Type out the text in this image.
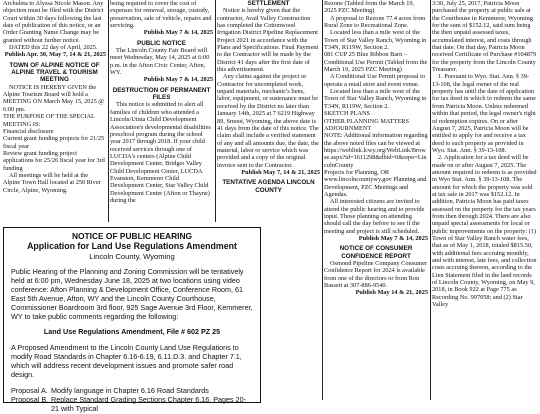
Archuleta to Alyssa Nicole Mason. Any objection must be filed with the District Court within 30 days following the last date of publication of this notice, or an Order Granting Name Change may be granted without further notice.

DATED this 22 day of April, 2025.

Publish Apr. 30, May 7, 14 & 21, 2025

TOWN OF ALPINE NOTICE OF ALPINE TRAVEL & TOURISM MEETING

NOTICE IS HEREBY GIVEN the Alpine Tourism Board will hold a MEETING ON March May 15, 2025 @ 6:00 pm.

THE PURPOSE OF THE SPECIAL MEETING IS:

Financial disclosure

Current grant funding projects for 21/25 fiscal year

Review grant funding project applications for 25/26 fiscal year for 3rd funding

All meetings will be held at the Alpine Town Hall located at 250 River Circle, Alpine, Wyoming.

being required to cover the cost of expenses for removal, storage, custody, preservation, sale of vehicle, repairs and servicing.

Publish May 7 & 14, 2025

PUBLIC NOTICE

The Lincoln County Fair Board will meet Wednesday, May 14, 2025 at 6:00 p.m. in the Afton Civic Center, Afton, WY.

Publish May 7 & 14, 2025

DESTRUCTION OF PERMANENT FILES

This notice is submitted to alert all families of children who attended a Lincoln/Uinta Child Development Association's developmental disabilities preschool program during the school year 2017 through 2018. If your child received services through one of LUCDA's centers (Alpine Child Development Center, Bridger Valley Child Development Center, LUCDA Evanston, Kemmerer Child Development Center, Star Valley Child Development Center (Afton or Thayne) during the

SETTLEMENT

Notice is hereby given that the contractor, Avail Valley Construction has completed the Cottonwood Irrigation District Pipeline Replacement Project 2021 in accordance with the Plans and Specifications. Final Payment to the Contractor will be made by the District 41 days after the first date of this advertisement.

Any claims against the project or Contractor for uncompleted work, unpaid materials, mechanic's liens, labor, equipment, or sustenance must be received by the District no later than January 14th, 2025 at 7 6219 Highway 89, Smoot, Wyoming, the above date is 41 days from the date of this notice. The claim shall include a verified statement of any and all amounts due, the date, the material, labor or service which was provided and a copy of the original invoice sent to the Contractor.

Publish May 7, 14 & 21, 2025

TENTATIVE AGENDA LINCOLN COUNTY

Rezone (Tabled from the March 19, 2025 PZC Meeting)

A proposal to Rezone 77.4 acres from Rural Zone to Recreational Zone.

Located less than a mile west of the Town of Star Valley Ranch, Wyoming in T34N, R119W, Section 2.

081 CUP 25 Blue Ribbon Barn – Conditional Use Permit (Tabled from the March 19, 2025 PZC Meeting)

A Conditional Use Permit proposal to operate a retail store and event venue.

Located less than a mile west of the Town of Star Valley Ranch, Wyoming in T34N, R119W, Section 2.

SKETCH PLANS

OTHER PLANNING MATTERS

ADJOURNMENT

NOTE: Additional information regarding the above noted files can be viewed at

https://weblink.lcwy.org/WebLink/Browse.aspx?id=1611298&dbid=0&repo=LincolnCounty

Projects for Planning, OR www.lincolncountywy.gov Planning and Development, PZC Meetings and Agendas.

All interested citizens are invited to attend the public hearing and to provide input. Those planning on attending should call the day before to see if the meeting and project is still scheduled.

Publish May 7 & 14, 2025

NOTICE OF CONSUMER CONFIDENCE REPORT

Osmond Pipeline Company Consumer Confidence Report for 2024 is available from one of the directors or from Ron Bassett at 307-886-9540.

Publish May 14 & 21, 2025

3:30, July 25, 2017, Patricia Moon purchased the property at public sale at the Courthouse in Kemmerer, Wyoming for the sum of $152.12, said sum being the then unpaid assessed taxes, accumulated interest, and costs through that date. On that day, Patricia Moon received Certificate of Purchase #104879 for the property from the Lincoln County Treasurer.

1. Pursuant to Wyo. Stat. Ann. § 39-13-108, the legal owner of the real property has until the date of application for tax deed in which to redeem the same from Patricia Moon. Unless redeemed within that period, the legal owner's right of redemption expires. On or after August 7, 2025, Patricia Moon will be entitled to apply for and receive a tax deed to such property as provided in Wyo. Stat. Ann. § 39-13-108.

2. Application for a tax deed will be made on or after August 7, 2025. The amount required to redeem is as provided in Wyo Stat. Ann. § 39-13-108. The amount for which the property was sold at tax sale in 2017 was $152.12. In addition, Patricia Moon has paid taxes assessed on the property for the tax years from then through 2024. There are also unpaid special assessments for local or public improvements on the property: (1) Town of Star Valley Ranch water fees, that as of May 1, 2018, totaled $815.50, with additional fees accruing monthly, and with interest, late fees, and collection costs accruing thereon, according to the Lien Statement filed in the land records of Lincoln County, Wyoming, on May 9, 2018, in Book 922 at Page 775 as Recording No. 997058; and (2) Star Valley

NOTICE OF PUBLIC HEARING

Application for Land Use Regulations Amendment

Lincoln County, Wyoming

Public Hearing of the Planning and Zoning Commission will be tentatively held at 6:00 pm, Wednesday June 18, 2025 at two locations using video conference: Afton Planning & Development Office, Conference Room, 61 East 5th Avenue, Afton, WY and the Lincoln County Courthouse, Commissioner Boardroom 3rd floor, 925 Sage Avenue 3rd Floor, Kemmerer, WY to take public comments regarding the following:

Land Use Regulations Amendment, File # 602 PZ 25

A Proposed Amendment to the Lincoln County Land Use Regulations to modify Road Standards in Chapter 6.16-6.19, 6.11.D.3. and Chapter 7.1, which will address recent development issues and promote safer road design.

Proposal A. Modify language in Chapter 6.16 Road Standards
Proposal B. Replace Standard Grading Sections Chapter 6.16, Pages 20-21 with Typical
